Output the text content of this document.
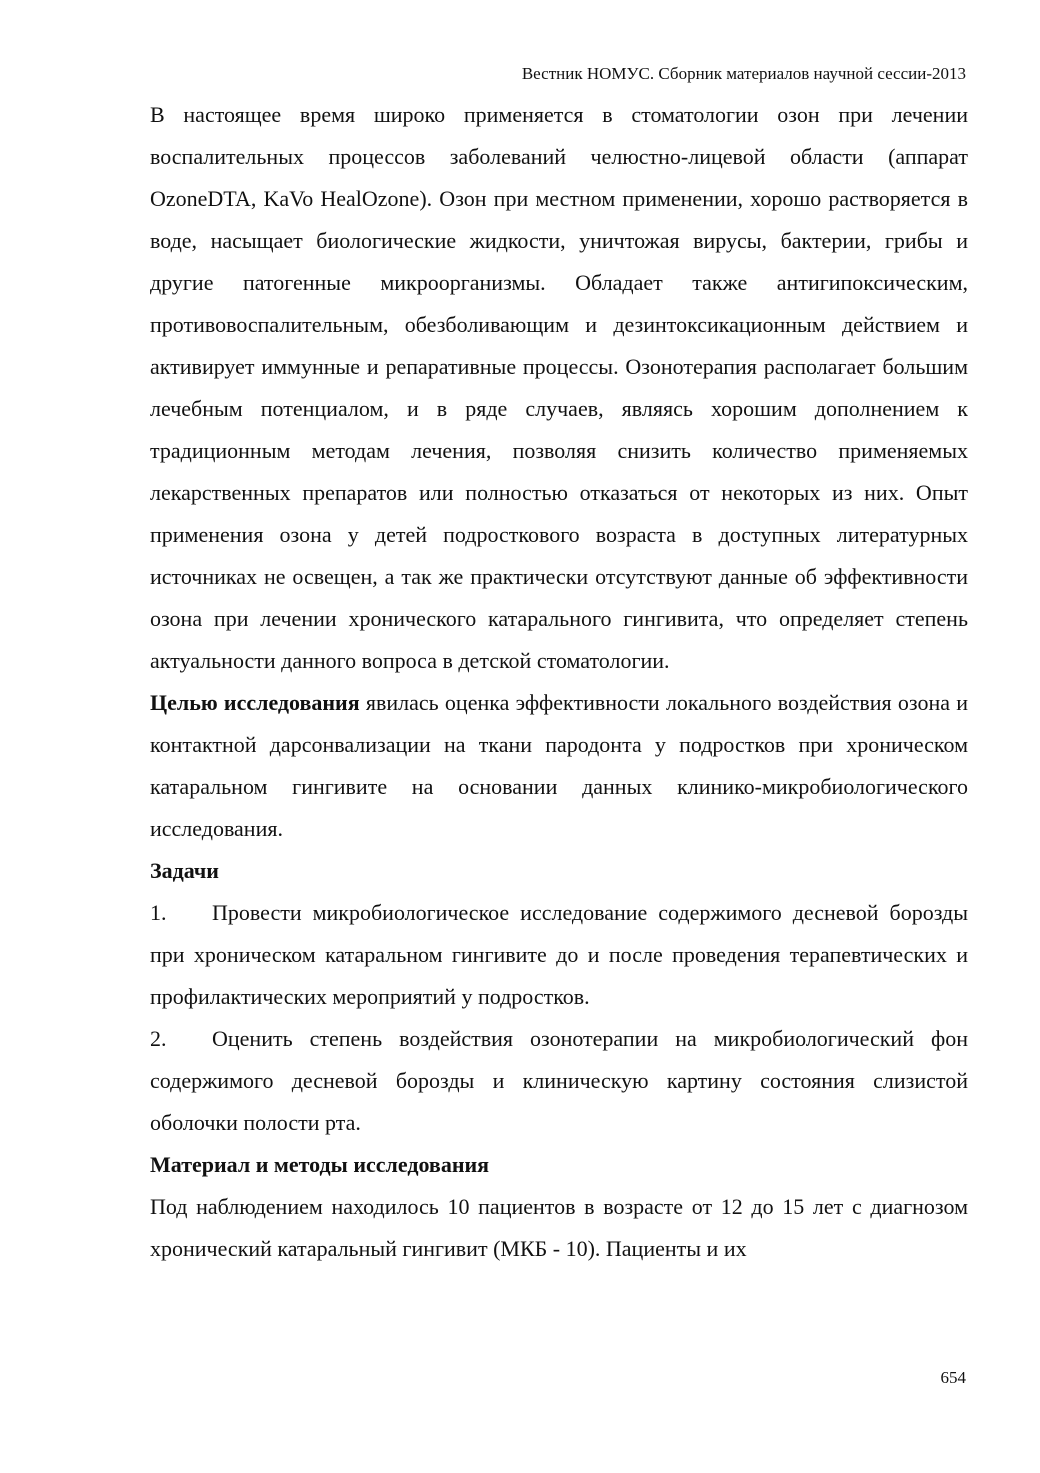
Вестник НОМУС. Сборник материалов научной сессии-2013

В настоящее время широко применяется в стоматологии озон при лечении воспалительных процессов заболеваний челюстно-лицевой области (аппарат OzoneDTA, KaVo HealOzone). Озон при местном применении, хорошо растворяется в воде, насыщает биологические жидкости, уничтожая вирусы, бактерии, грибы и другие патогенные микроорганизмы. Обладает также антигипоксическим, противовоспалительным, обезболивающим и дезинтоксикационным действием и активирует иммунные и репаративные процессы. Озонотерапия располагает большим лечебным потенциалом, и в ряде случаев, являясь хорошим дополнением к традиционным методам лечения, позволяя снизить количество применяемых лекарственных препаратов или полностью отказаться от некоторых из них. Опыт применения озона у детей подросткового возраста в доступных литературных источниках не освещен, а так же практически отсутствуют данные об эффективности озона при лечении хронического катарального гингивита, что определяет степень актуальности данного вопроса в детской стоматологии.

Целью исследования явилась оценка эффективности локального воздействия озона и контактной дарсонвализации на ткани пародонта у подростков при хроническом катаральном гингивите на основании данных клинико-микробиологического исследования.

Задачи

1. Провести микробиологическое исследование содержимого десневой борозды при хроническом катаральном гингивите до и после проведения терапевтических и профилактических мероприятий у подростков.

2. Оценить степень воздействия озонотерапии на микробиологический фон содержимого десневой борозды и клиническую картину состояния слизистой оболочки полости рта.

Материал и методы исследования

Под наблюдением находилось 10 пациентов в возрасте от 12 до 15 лет с диагнозом хронический катаральный гингивит (МКБ - 10). Пациенты и их

654
